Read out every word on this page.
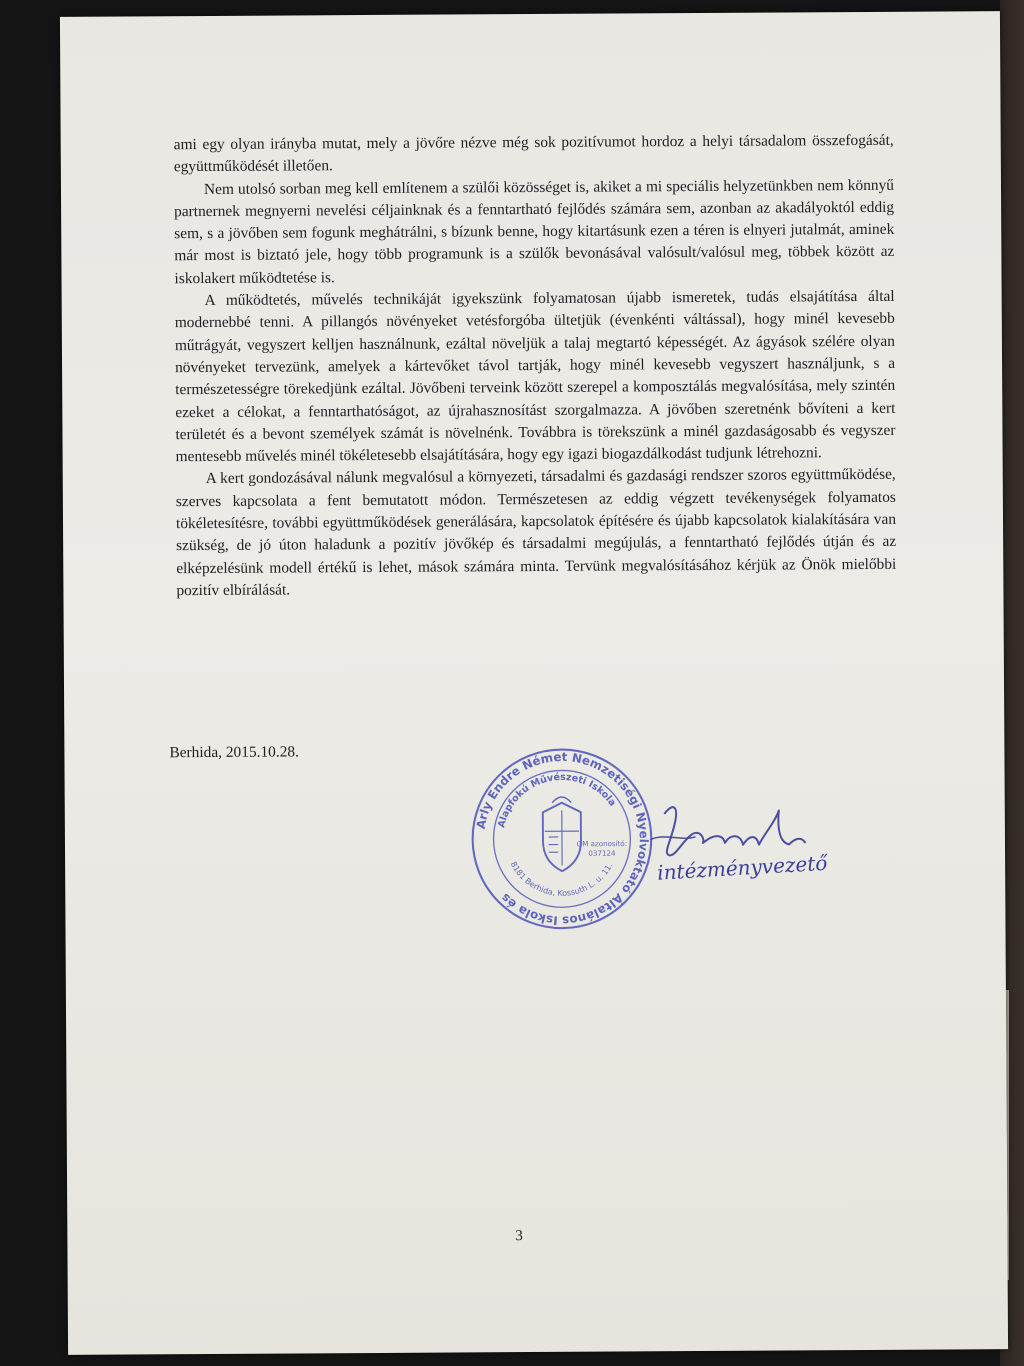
ami egy olyan irányba mutat, mely a jövőre nézve még sok pozitívumot hordoz a helyi társadalom összefogását, együttműködését illetően.

Nem utolsó sorban meg kell említenem a szülői közösséget is, akiket a mi speciális helyzetünkben nem könnyű partnernek megnyerni nevelési céljainknak és a fenntartható fejlődés számára sem, azonban az akadályoktól eddig sem, s a jövőben sem fogunk meghátrálni, s bízunk benne, hogy kitartásunk ezen a téren is elnyeri jutalmát, aminek már most is biztató jele, hogy több programunk is a szülők bevonásával valósult/valósul meg, többek között az iskolakert működtetése is.

A működtetés, művelés technikáját igyekszünk folyamatosan újabb ismeretek, tudás elsajátítása által modernebbé tenni. A pillangós növényeket vetésforgóba ültetjük (évenkénti váltással), hogy minél kevesebb műtrágyát, vegyszert kelljen használnunk, ezáltal növeljük a talaj megtartó képességét. Az ágyások szélére olyan növényeket tervezünk, amelyek a kártevőket távol tartják, hogy minél kevesebb vegyszert használjunk, s a természetességre törekedjünk ezáltal. Jövőbeni terveink között szerepel a komposztálás megvalósítása, mely szintén ezeket a célokat, a fenntarthatóságot, az újrahasznosítást szorgalmazza. A jövőben szeretnénk bővíteni a kert területét és a bevont személyek számát is növelnénk. Továbbra is törekszünk a minél gazdaságosabb és vegyszer mentesebb művelés minél tökéletesebb elsajátítására, hogy egy igazi biogazdálkodást tudjunk létrehozni.

A kert gondozásával nálunk megvalósul a környezeti, társadalmi és gazdasági rendszer szoros együttműködése, szerves kapcsolata a fent bemutatott módon. Természetesen az eddig végzett tevékenységek folyamatos tökéletesítésre, további együttműködések generálására, kapcsolatok építésére és újabb kapcsolatok kialakítására van szükség, de jó úton haladunk a pozitív jövőkép és társadalmi megújulás, a fenntartható fejlődés útján és az elképzelésünk modell értékű is lehet, mások számára minta. Tervünk megvalósításához kérjük az Önök mielőbbi pozitív elbírálását.

Berhida, 2015.10.28.
Arly Endre Német Nemzetiségi Nyelvoktató Általános Iskola és
Alapfokú Művészeti Iskola
8181 Berhida, Kossuth L. u. 11.
OM azonosító:
037124 intézményvezető
3
